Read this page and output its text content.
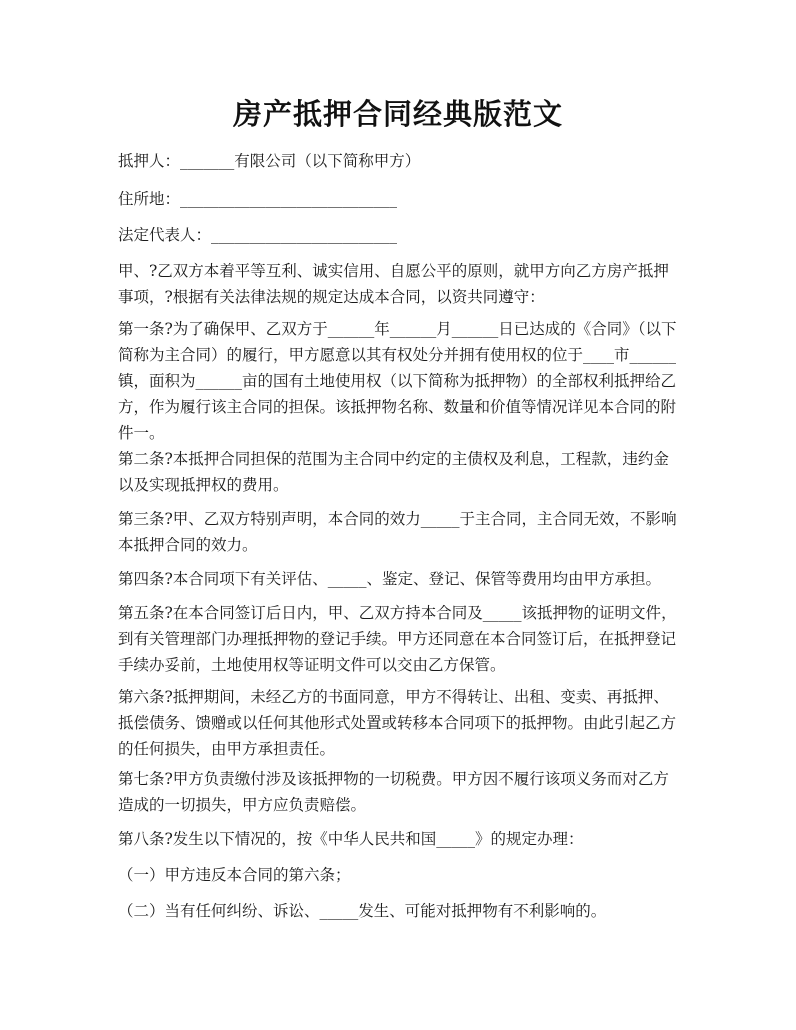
房产抵押合同经典版范文
抵押人：_______有限公司（以下简称甲方）
住所地：____________________________
法定代表人：________________________
甲、?乙双方本着平等互利、诚实信用、自愿公平的原则，就甲方向乙方房产抵押事项，?根据有关法律法规的规定达成本合同，以资共同遵守：
第一条?为了确保甲、乙双方于______年______月______日已达成的《合同》（以下简称为主合同）的履行，甲方愿意以其有权处分并拥有使用权的位于____市______镇，面积为______亩的国有土地使用权（以下简称为抵押物）的全部权利抵押给乙方，作为履行该主合同的担保。该抵押物名称、数量和价值等情况详见本合同的附件一。
第二条?本抵押合同担保的范围为主合同中约定的主债权及利息，工程款，违约金以及实现抵押权的费用。
第三条?甲、乙双方特别声明，本合同的效力_____于主合同，主合同无效，不影响本抵押合同的效力。
第四条?本合同项下有关评估、_____、鉴定、登记、保管等费用均由甲方承担。
第五条?在本合同签订后日内，甲、乙双方持本合同及_____该抵押物的证明文件，到有关管理部门办理抵押物的登记手续。甲方还同意在本合同签订后，在抵押登记手续办妥前，土地使用权等证明文件可以交由乙方保管。
第六条?抵押期间，未经乙方的书面同意，甲方不得转让、出租、变卖、再抵押、抵偿债务、馈赠或以任何其他形式处置或转移本合同项下的抵押物。由此引起乙方的任何损失，由甲方承担责任。
第七条?甲方负责缴付涉及该抵押物的一切税费。甲方因不履行该项义务而对乙方造成的一切损失，甲方应负责赔偿。
第八条?发生以下情况的，按《中华人民共和国_____》的规定办理：
（一）甲方违反本合同的第六条；
（二）当有任何纠纷、诉讼、_____发生、可能对抵押物有不利影响的。
